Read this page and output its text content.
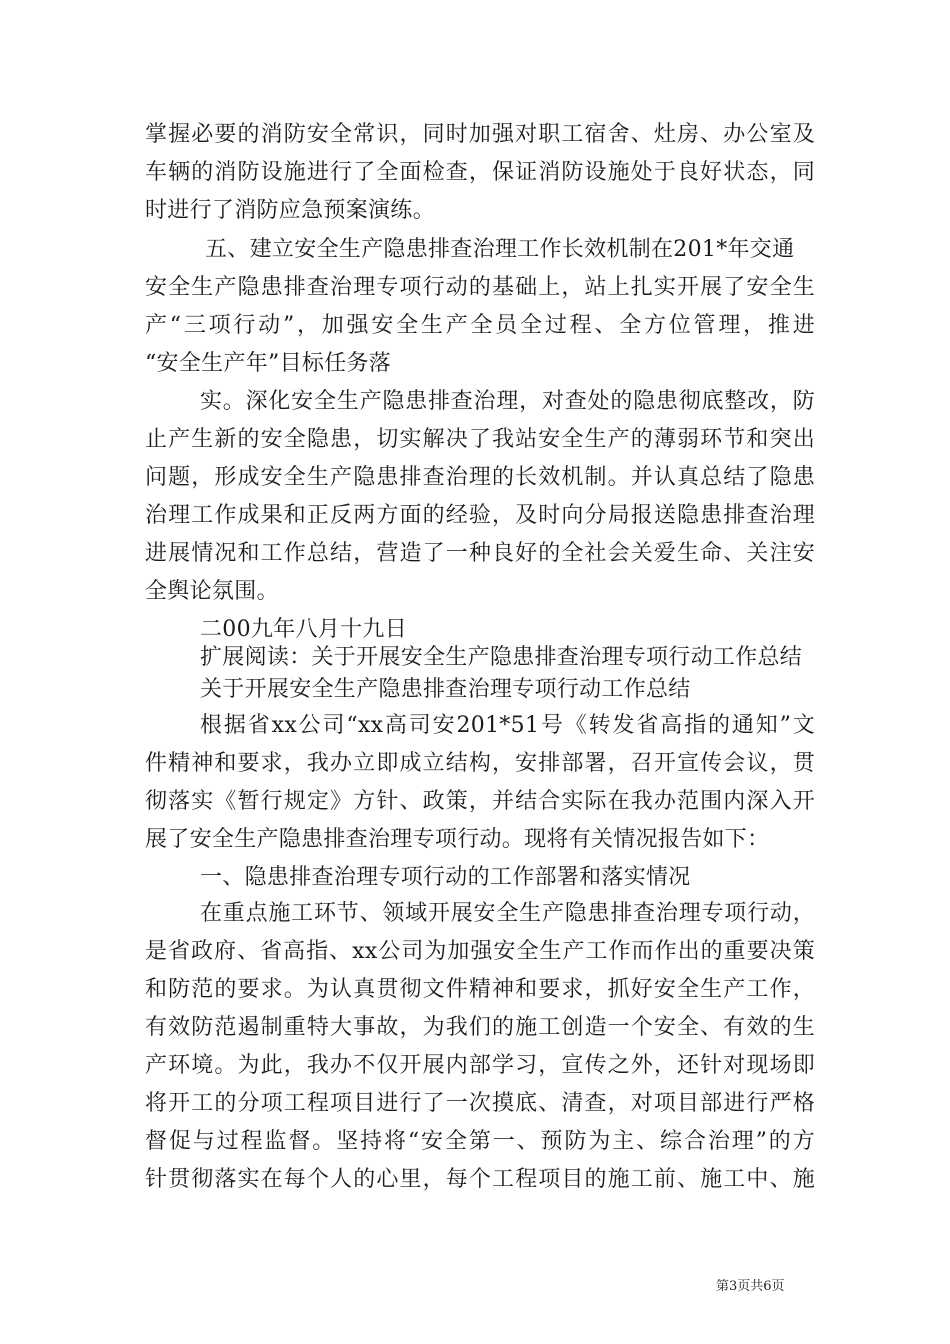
掌握必要的消防安全常识，同时加强对职工宿舍、灶房、办公室及
车辆的消防设施进行了全面检查，保证消防设施处于良好状态，同
时进行了消防应急预案演练。
五、建立安全生产隐患排查治理工作长效机制在201*年交通
安全生产隐患排查治理专项行动的基础上，站上扎实开展了安全生
产“三项行动”，加强安全生产全员全过程、全方位管理，推进
“安全生产年”目标任务落
实。深化安全生产隐患排查治理，对查处的隐患彻底整改，防
止产生新的安全隐患，切实解决了我站安全生产的薄弱环节和突出
问题，形成安全生产隐患排查治理的长效机制。并认真总结了隐患
治理工作成果和正反两方面的经验，及时向分局报送隐患排查治理
进展情况和工作总结，营造了一种良好的全社会关爱生命、关注安
全舆论氛围。
二00九年八月十九日
扩展阅读：关于开展安全生产隐患排查治理专项行动工作总结
关于开展安全生产隐患排查治理专项行动工作总结
根据省xx公司“xx高司安201*51号《转发省高指的通知”文
件精神和要求，我办立即成立结构，安排部署，召开宣传会议，贯
彻落实《暂行规定》方针、政策，并结合实际在我办范围内深入开
展了安全生产隐患排查治理专项行动。现将有关情况报告如下：
一、隐患排查治理专项行动的工作部署和落实情况
在重点施工环节、领域开展安全生产隐患排查治理专项行动，
是省政府、省高指、xx公司为加强安全生产工作而作出的重要决策
和防范的要求。为认真贯彻文件精神和要求，抓好安全生产工作，
有效防范遏制重特大事故，为我们的施工创造一个安全、有效的生
产环境。为此，我办不仅开展内部学习，宣传之外，还针对现场即
将开工的分项工程项目进行了一次摸底、清查，对项目部进行严格
督促与过程监督。坚持将“安全第一、预防为主、综合治理”的方
针贯彻落实在每个人的心里，每个工程项目的施工前、施工中、施
第3页共6页
